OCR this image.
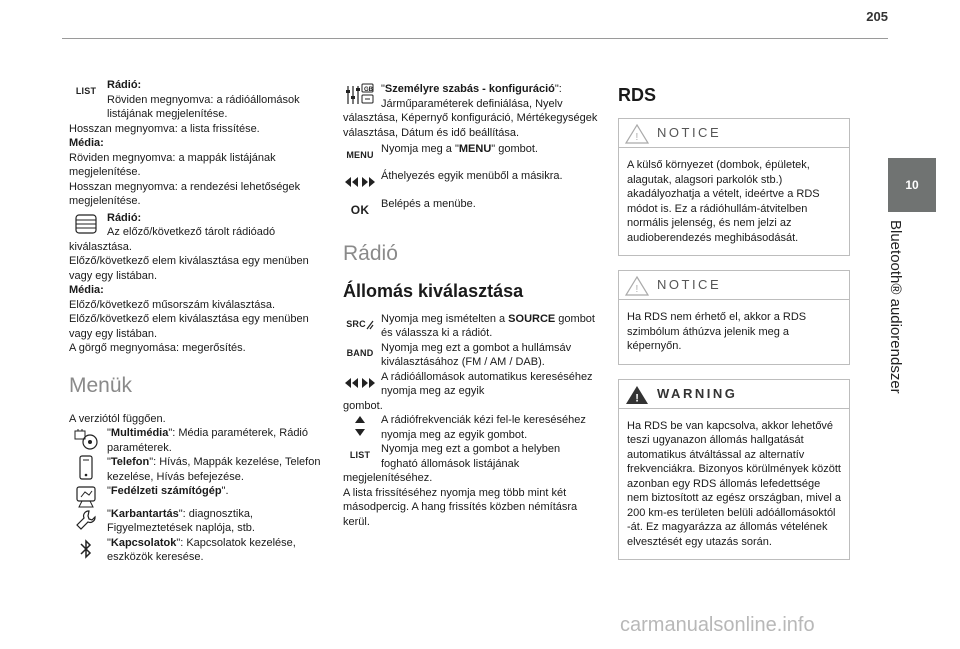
205
10
Bluetooth® audiorendszer
LIST Rádió:

Röviden megnyomva: a rádióállomások listájának megjelenítése.

Hosszan megnyomva: a lista frissítése.

Média:

Röviden megnyomva: a mappák listájának megjelenítése.

Hosszan megnyomva: a rendezési lehetőségek megjelenítése.

Rádió:

Az előző/következő tárolt rádióadó kiválasztása.

Előző/következő elem kiválasztása egy menüben vagy egy listában.

Média:

Előző/következő műsorszám kiválasztása.

Előző/következő elem kiválasztása egy menüben vagy egy listában.

A görgő megnyomása: megerősítés.

Menük

A verziótól függően.

"Multimédia": Média paraméterek, Rádió paraméterek.

"Telefon": Hívás, Mappák kezelése, Telefon kezelése, Hívás befejezése.

"Fedélzeti számítógép".

"Karbantartás": diagnosztika, Figyelmeztetések naplója, stb.

"Kapcsolatok": Kapcsolatok kezelése, eszközök keresése.

GB "Személyre szabás - konfiguráció": Járműparaméterek definiálása, Nyelv

választása, Képernyő konfiguráció, Mértékegységek választása, Dátum és idő beállítása.

MENU Nyomja meg a "MENU" gombot.

Áthelyezés egyik menüből a másikra.

OK Belépés a menübe.

Rádió
Állomás kiválasztása
SRC Nyomja meg ismételten a SOURCE gombot és válassza ki a rádiót.

BAND Nyomja meg ezt a gombot a hullámsáv kiválasztásához (FM / AM / DAB).

A rádióállomások automatikus kereséséhez nyomja meg az egyik

gombot.

A rádiófrekvenciák kézi fel-le kereséséhez nyomja meg az egyik gombot.

LIST Nyomja meg ezt a gombot a helyben fogható állomások listájának

megjelenítéséhez.

A lista frissítéséhez nyomja meg több mint két másodpercig. A hang frissítés közben némításra kerül.

RDS
! NOTICE

A külső környezet (dombok, épületek, alagutak, alagsori parkolók stb.) akadályozhatja a vételt, ideértve a RDS módot is. Ez a rádióhullám-átvitelben normális jelenség, és nem jelzi az audioberendezés meghibásodását.

! NOTICE

Ha RDS nem érhető el, akkor a RDS szimbólum áthúzva jelenik meg a képernyőn.

! WARNING

Ha RDS be van kapcsolva, akkor lehetővé teszi ugyanazon állomás hallgatását automatikus átváltással az alternatív frekvenciákra. Bizonyos körülmények között azonban egy RDS állomás lefedettsége nem biztosított az egész országban, mivel a 200 km-es területen belüli adóállomásoktól -át. Ez magyarázza az állomás vételének elvesztését egy utazás során.

carmanualsonline.info
